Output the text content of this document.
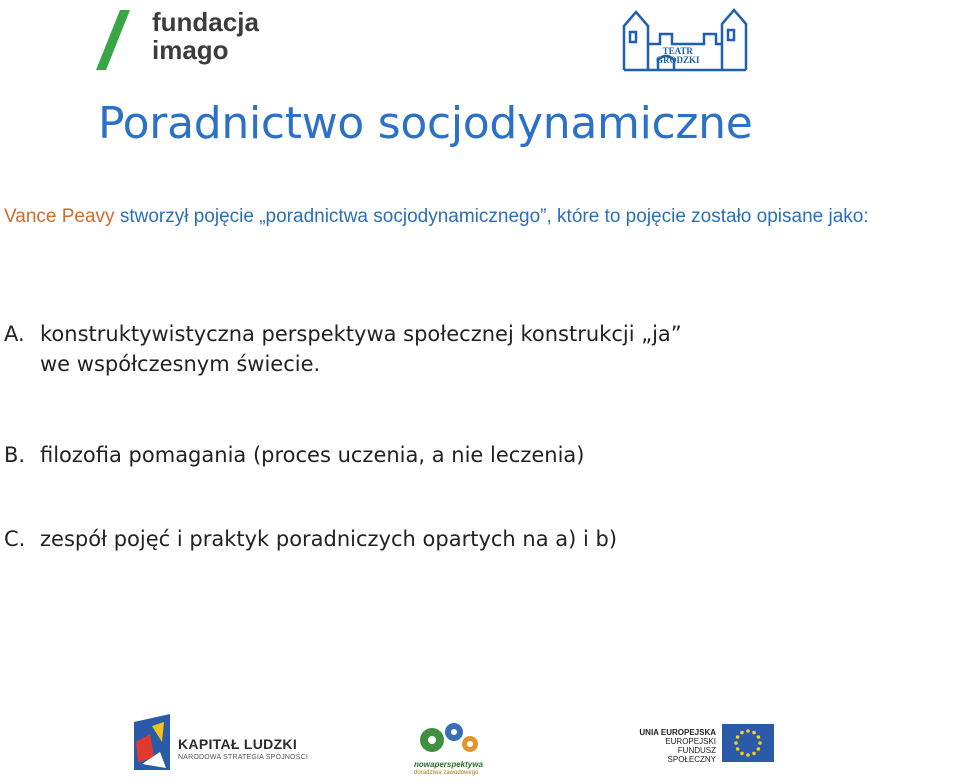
fundacja
imago	TEATR
GRODZKI
Poradnictwo socjodynamiczne
Vance Peavy stworzył pojęcie „poradnictwa socjodynamicznego”, które to pojęcie zostało opisane jako:
A. konstruktywistyczna perspektywa społecznej konstrukcji „ja”
we współczesnym świecie.
B. filozofia pomagania (proces uczenia, a nie leczenia)
C. zespół pojęć i praktyk poradniczych opartych na a) i b)
KAPITAŁ LUDZKI
NARODOWA STRATEGIA SPÓJNOŚCI
nowaperspektywa
doradztwa zawodowego
UNIA EUROPEJSKA
EUROPEJSKI
FUNDUSZ SPOŁECZNY
